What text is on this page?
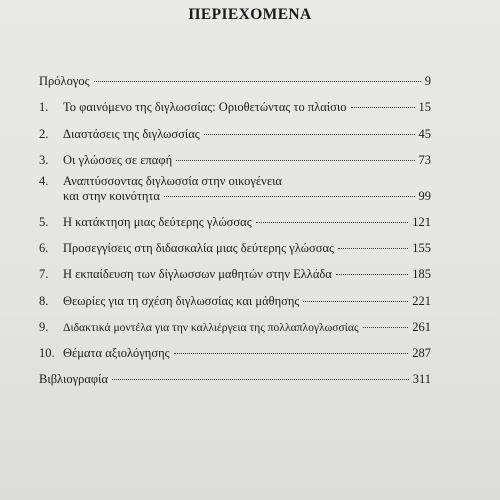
ΠΕΡΙΕΧΟΜΕΝΑ
Πρόλογος	9
1.	Το φαινόμενο της διγλωσσίας: Οριοθετώντας το πλαίσιο	15
2.	Διαστάσεις της διγλωσσίας	45
3.	Οι γλώσσες σε επαφή	73
4. Αναπτύσσοντας διγλωσσία στην οικογένεια
και στην κοινότητα	99
5.	Η κατάκτηση μιας δεύτερης γλώσσας	121
6.	Προσεγγίσεις στη διδασκαλία μιας δεύτερης γλώσσας	155
7.	Η εκπαίδευση των δίγλωσσων μαθητών στην Ελλάδα	185
8.	Θεωρίες για τη σχέση διγλωσσίας και μάθησης	221
9.	Διδακτικά μοντέλα για την καλλιέργεια της πολλαπλογλωσσίας	261
10. Θέματα αξιολόγησης	287
Βιβλιογραφία	311
